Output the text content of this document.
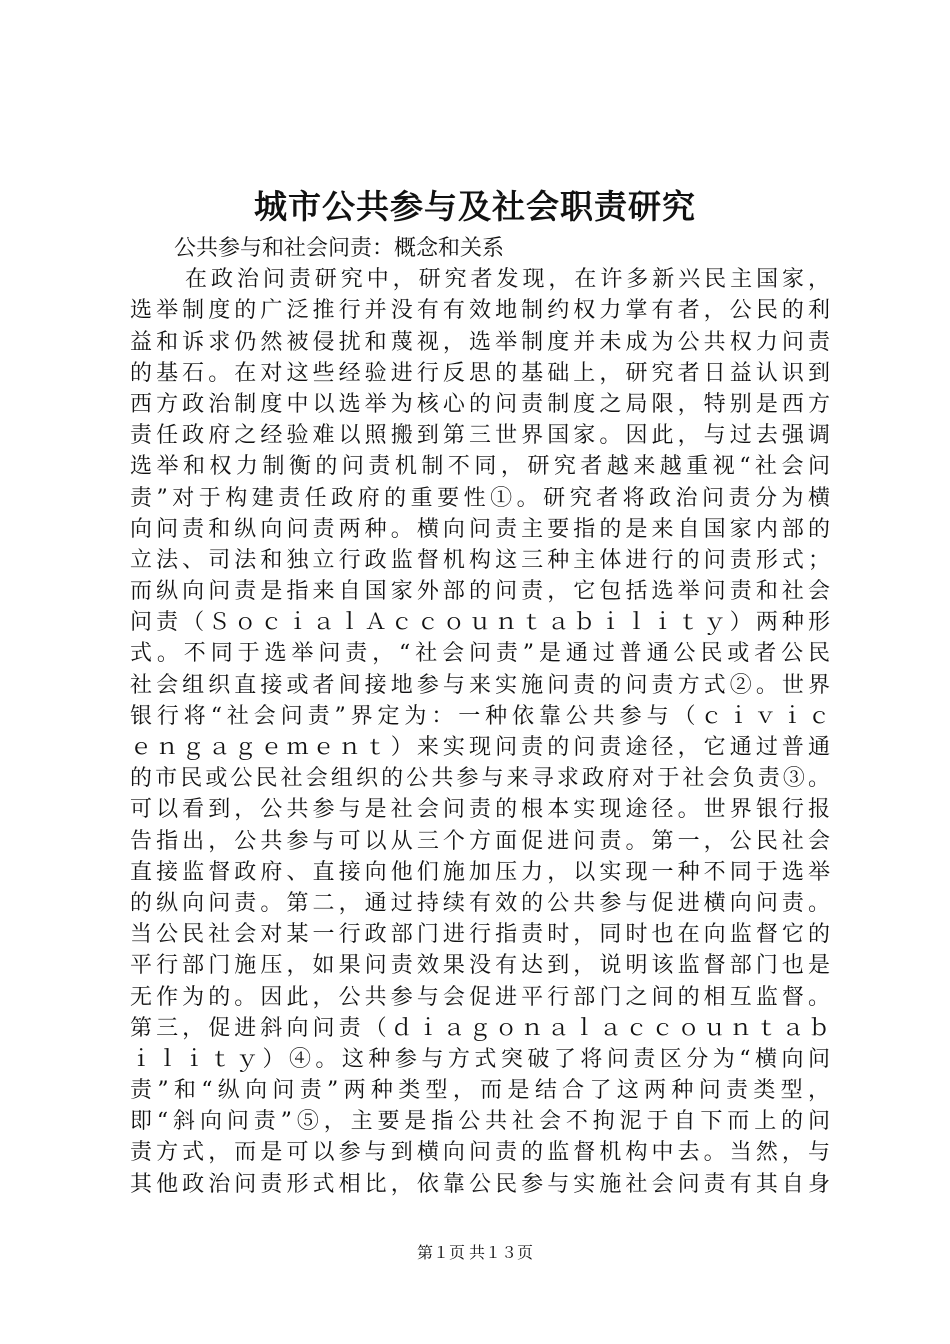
城市公共参与及社会职责研究
公共参与和社会问责：概念和关系
在政治问责研究中，研究者发现，在许多新兴民主国家，
选举制度的广泛推行并没有有效地制约权力掌有者，公民的利
益和诉求仍然被侵扰和蔑视，选举制度并未成为公共权力问责
的基石。在对这些经验进行反思的基础上，研究者日益认识到
西方政治制度中以选举为核心的问责制度之局限，特别是西方
责任政府之经验难以照搬到第三世界国家。因此，与过去强调
选举和权力制衡的问责机制不同，研究者越来越重视“社会问
责”对于构建责任政府的重要性①。研究者将政治问责分为横
向问责和纵向问责两种。横向问责主要指的是来自国家内部的
立法、司法和独立行政监督机构这三种主体进行的问责形式；
而纵向问责是指来自国家外部的问责，它包括选举问责和社会
问责（ＳｏｃｉａｌＡｃｃｏｕｎｔａｂｉｌｉｔｙ）两种形
式。不同于选举问责，“社会问责”是通过普通公民或者公民
社会组织直接或者间接地参与来实施问责的问责方式②。世界
银行将“社会问责”界定为：一种依靠公共参与（ｃｉｖｉｃ
ｅｎｇａｇｅｍｅｎｔ）来实现问责的问责途径，它通过普通
的市民或公民社会组织的公共参与来寻求政府对于社会负责③。
可以看到，公共参与是社会问责的根本实现途径。世界银行报
告指出，公共参与可以从三个方面促进问责。第一，公民社会
直接监督政府、直接向他们施加压力，以实现一种不同于选举
的纵向问责。第二，通过持续有效的公共参与促进横向问责。
当公民社会对某一行政部门进行指责时，同时也在向监督它的
平行部门施压，如果问责效果没有达到，说明该监督部门也是
无作为的。因此，公共参与会促进平行部门之间的相互监督。
第三，促进斜向问责（ｄｉａｇｏｎａｌａｃｃｏｕｎｔａｂ
ｉｌｉｔｙ）④。这种参与方式突破了将问责区分为“横向问
责”和“纵向问责”两种类型，而是结合了这两种问责类型，
即“斜向问责”⑤，主要是指公共社会不拘泥于自下而上的问
责方式，而是可以参与到横向问责的监督机构中去。当然，与
其他政治问责形式相比，依靠公民参与实施社会问责有其自身
第１页 共１３页
